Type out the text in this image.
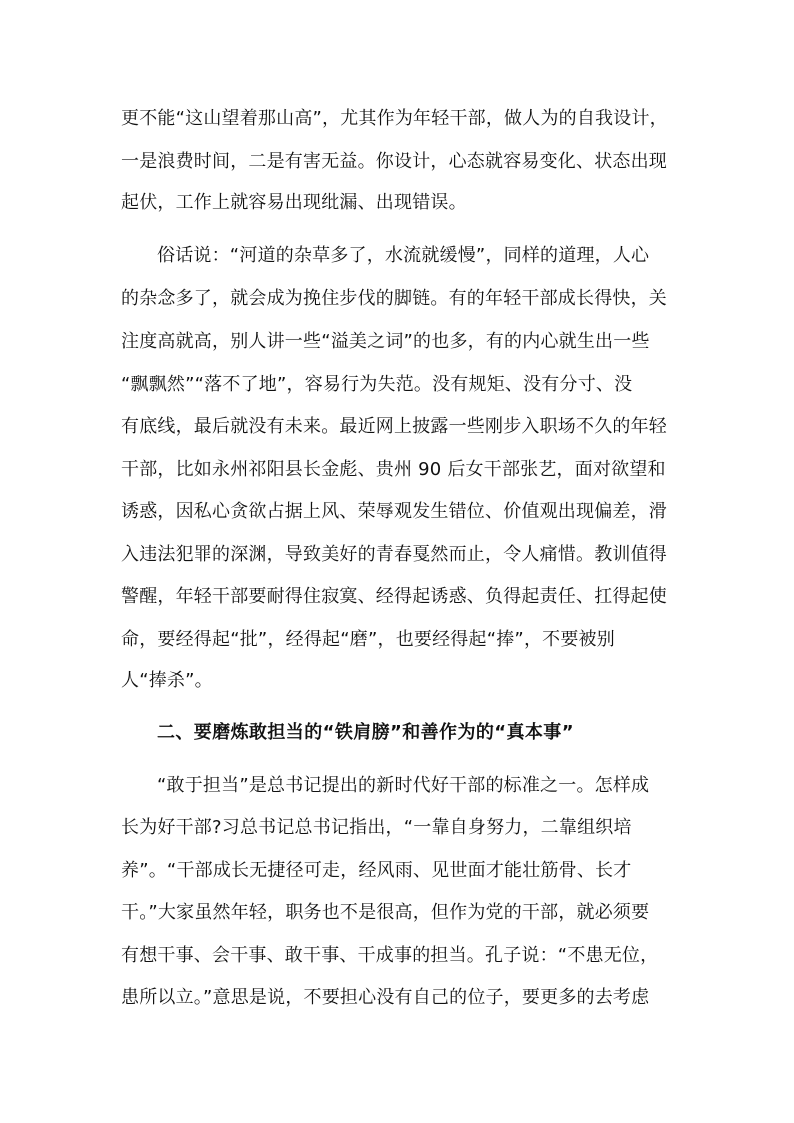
更不能“这山望着那山高”，尤其作为年轻干部，做人为的自我设计，
一是浪费时间，二是有害无益。你设计，心态就容易变化、状态出现
起伏，工作上就容易出现纰漏、出现错误。
俗话说：“河道的杂草多了，水流就缓慢”，同样的道理，人心
的杂念多了，就会成为挽住步伐的脚链。有的年轻干部成长得快，关
注度高就高，别人讲一些“溢美之词”的也多，有的内心就生出一些
“飘飘然”“落不了地”，容易行为失范。没有规矩、没有分寸、没
有底线，最后就没有未来。最近网上披露一些刚步入职场不久的年轻
干部，比如永州祁阳县长金彪、贵州 90 后女干部张艺，面对欲望和
诱惑，因私心贪欲占据上风、荣辱观发生错位、价值观出现偏差，滑
入违法犯罪的深渊，导致美好的青春戛然而止，令人痛惜。教训值得
警醒，年轻干部要耐得住寂寞、经得起诱惑、负得起责任、扛得起使
命，要经得起“批”，经得起“磨”，也要经得起“捧”，不要被别
人“捧杀”。
二、要磨炼敢担当的“铁肩膀”和善作为的“真本事”
“敢于担当”是总书记提出的新时代好干部的标准之一。怎样成
长为好干部?习总书记总书记指出，“一靠自身努力，二靠组织培
养”。“干部成长无捷径可走，经风雨、见世面才能壮筋骨、长才
干。”大家虽然年轻，职务也不是很高，但作为党的干部，就必须要
有想干事、会干事、敢干事、干成事的担当。孔子说：“不患无位，
患所以立。”意思是说，不要担心没有自己的位子，要更多的去考虑
